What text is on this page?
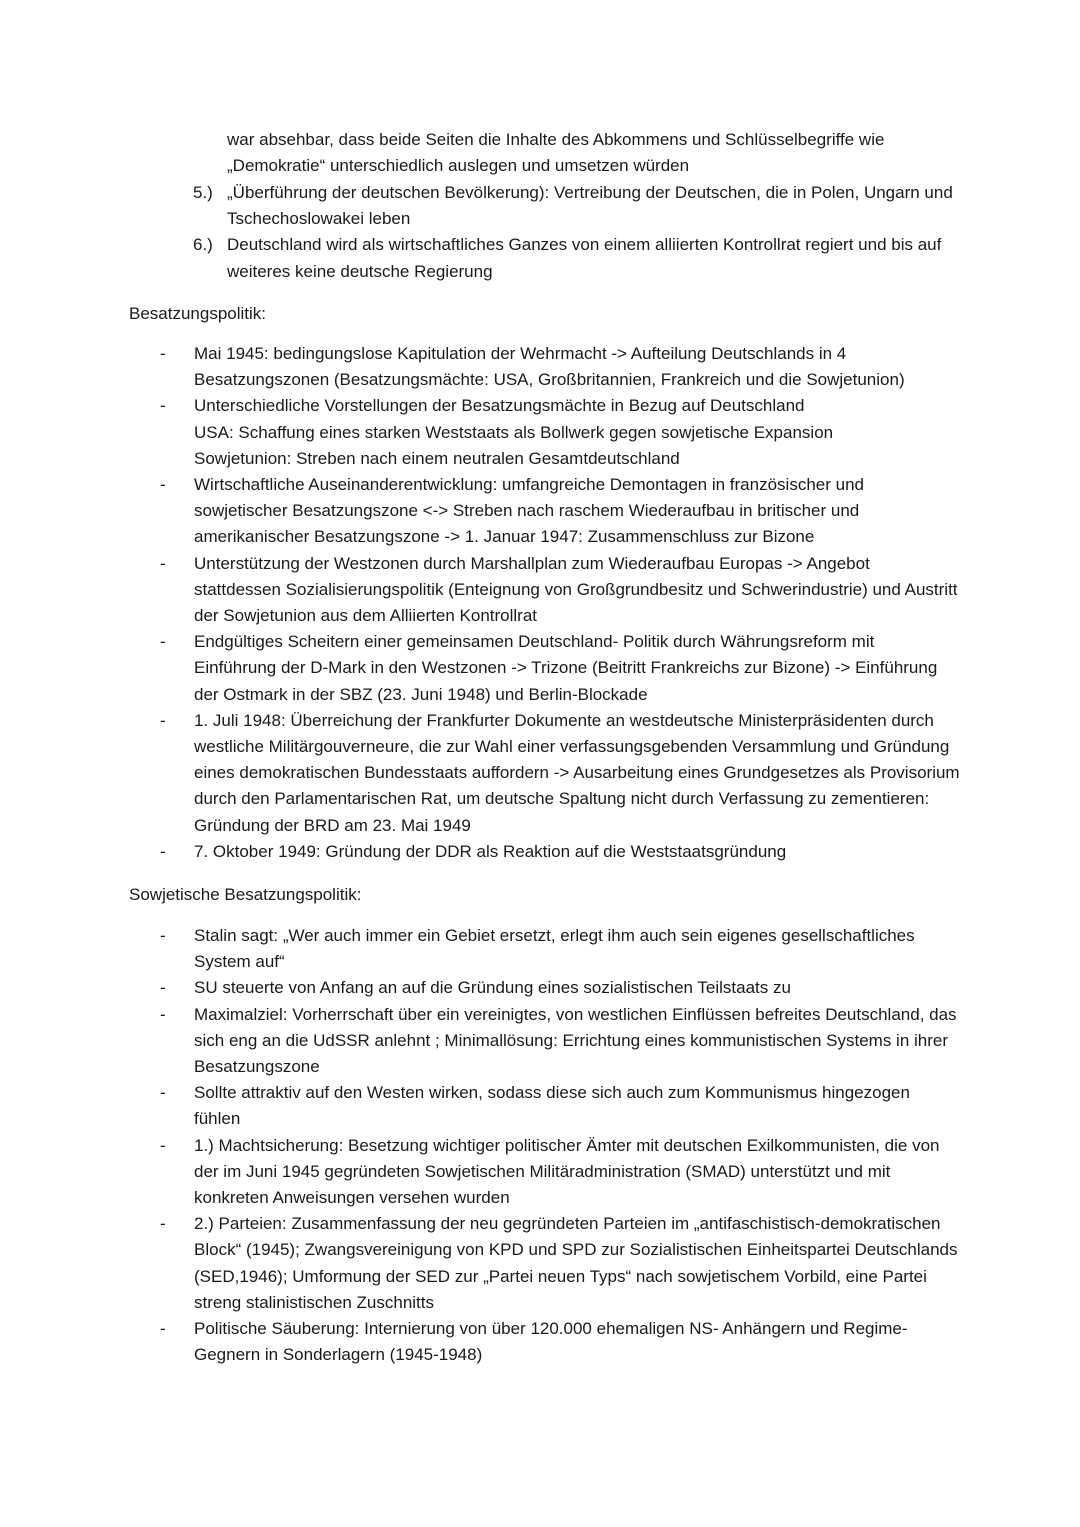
war absehbar, dass beide Seiten die Inhalte des Abkommens und Schlüsselbegriffe wie
„Demokratie“ unterschiedlich auslegen und umsetzen würden
5.) „Überführung der deutschen Bevölkerung): Vertreibung der Deutschen, die in Polen, Ungarn und Tschechoslowakei leben
6.) Deutschland wird als wirtschaftliches Ganzes von einem alliierten Kontrollrat regiert und bis auf weiteres keine deutsche Regierung
Besatzungspolitik:
- Mai 1945: bedingungslose Kapitulation der Wehrmacht -> Aufteilung Deutschlands in 4 Besatzungszonen (Besatzungsmächte: USA, Großbritannien, Frankreich und die Sowjetunion)
- Unterschiedliche Vorstellungen der Besatzungsmächte in Bezug auf Deutschland
USA: Schaffung eines starken Weststaats als Bollwerk gegen sowjetische Expansion
Sowjetunion: Streben nach einem neutralen Gesamtdeutschland
- Wirtschaftliche Auseinanderentwicklung: umfangreiche Demontagen in französischer und sowjetischer Besatzungszone <-> Streben nach raschem Wiederaufbau in britischer und amerikanischer Besatzungszone -> 1. Januar 1947: Zusammenschluss zur Bizone
- Unterstützung der Westzonen durch Marshallplan zum Wiederaufbau Europas -> Angebot stattdessen Sozialisierungspolitik (Enteignung von Großgrundbesitz und Schwerindustrie) und Austritt der Sowjetunion aus dem Alliierten Kontrollrat
- Endgültiges Scheitern einer gemeinsamen Deutschland- Politik durch Währungsreform mit Einführung der D-Mark in den Westzonen -> Trizone (Beitritt Frankreichs zur Bizone) -> Einführung der Ostmark in der SBZ (23. Juni 1948) und Berlin-Blockade
- 1. Juli 1948: Überreichung der Frankfurter Dokumente an westdeutsche Ministerpräsidenten durch westliche Militärgouverneure, die zur Wahl einer verfassungsgebenden Versammlung und Gründung eines demokratischen Bundesstaats auffordern -> Ausarbeitung eines Grundgesetzes als Provisorium durch den Parlamentarischen Rat, um deutsche Spaltung nicht durch Verfassung zu zementieren: Gründung der BRD am 23. Mai 1949
- 7. Oktober 1949: Gründung der DDR als Reaktion auf die Weststaatsgründung
Sowjetische Besatzungspolitik:
- Stalin sagt: „Wer auch immer ein Gebiet ersetzt, erlegt ihm auch sein eigenes gesellschaftliches System auf“
- SU steuerte von Anfang an auf die Gründung eines sozialistischen Teilstaats zu
- Maximalziel: Vorherrschaft über ein vereinigtes, von westlichen Einflüssen befreites Deutschland, das sich eng an die UdSSR anlehnt ; Minimallösung: Errichtung eines kommunistischen Systems in ihrer Besatzungszone
- Sollte attraktiv auf den Westen wirken, sodass diese sich auch zum Kommunismus hingezogen fühlen
- 1.) Machtsicherung: Besetzung wichtiger politischer Ämter mit deutschen Exilkommunisten, die von der im Juni 1945 gegründeten Sowjetischen Militäradministration (SMAD) unterstützt und mit konkreten Anweisungen versehen wurden
- 2.) Parteien: Zusammenfassung der neu gegründeten Parteien im „antifaschistisch-demokratischen Block“ (1945); Zwangsvereinigung von KPD und SPD zur Sozialistischen Einheitspartei Deutschlands (SED,1946); Umformung der SED zur „Partei neuen Typs“ nach sowjetischem Vorbild, eine Partei streng stalinistischen Zuschnitts
- Politische Säuberung: Internierung von über 120.000 ehemaligen NS- Anhängern und Regime- Gegnern in Sonderlagern (1945-1948)
